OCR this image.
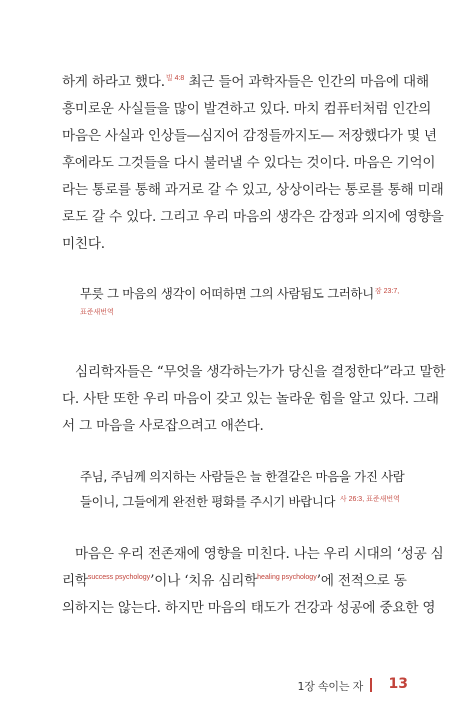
하게 하라고 했다.$^{빌 4:8}$ 최근 들어 과학자들은 인간의 마음에 대해
흥미로운 사실들을 많이 발견하고 있다. 마치 컴퓨터처럼 인간의
마음은 사실과 인상들—심지어 감정들까지도— 저장했다가 몇 년
후에라도 그것들을 다시 불러낼 수 있다는 것이다. 마음은 기억이
라는 통로를 통해 과거로 갈 수 있고, 상상이라는 통로를 통해 미래
로도 갈 수 있다. 그리고 우리 마음의 생각은 감정과 의지에 영향을
미친다.

무릇 그 마음의 생각이 어떠하면 그의 사람됨도 그러하니$^{잠 23:7,}$
표준새번역

심리학자들은 “무엇을 생각하는가가 당신을 결정한다”라고 말한
다. 사탄 또한 우리 마음이 갖고 있는 놀라운 힘을 알고 있다. 그래
서 그 마음을 사로잡으려고 애쓴다.

주님, 주님께 의지하는 사람들은 늘 한결같은 마음을 가진 사람
들이니, 그들에게 완전한 평화를 주시기 바랍니다 $^{사 26:3, 표준새번역}$

마음은 우리 전존재에 영향을 미친다. 나는 우리 시대의 ‘성공 심
리학$^{success psychology}$’이나 ‘치유 심리학$^{healing psychology}$’에 전적으로 동
의하지는 않는다. 하지만 마음의 태도가 건강과 성공에 중요한 영

1장 속이는 자 13
